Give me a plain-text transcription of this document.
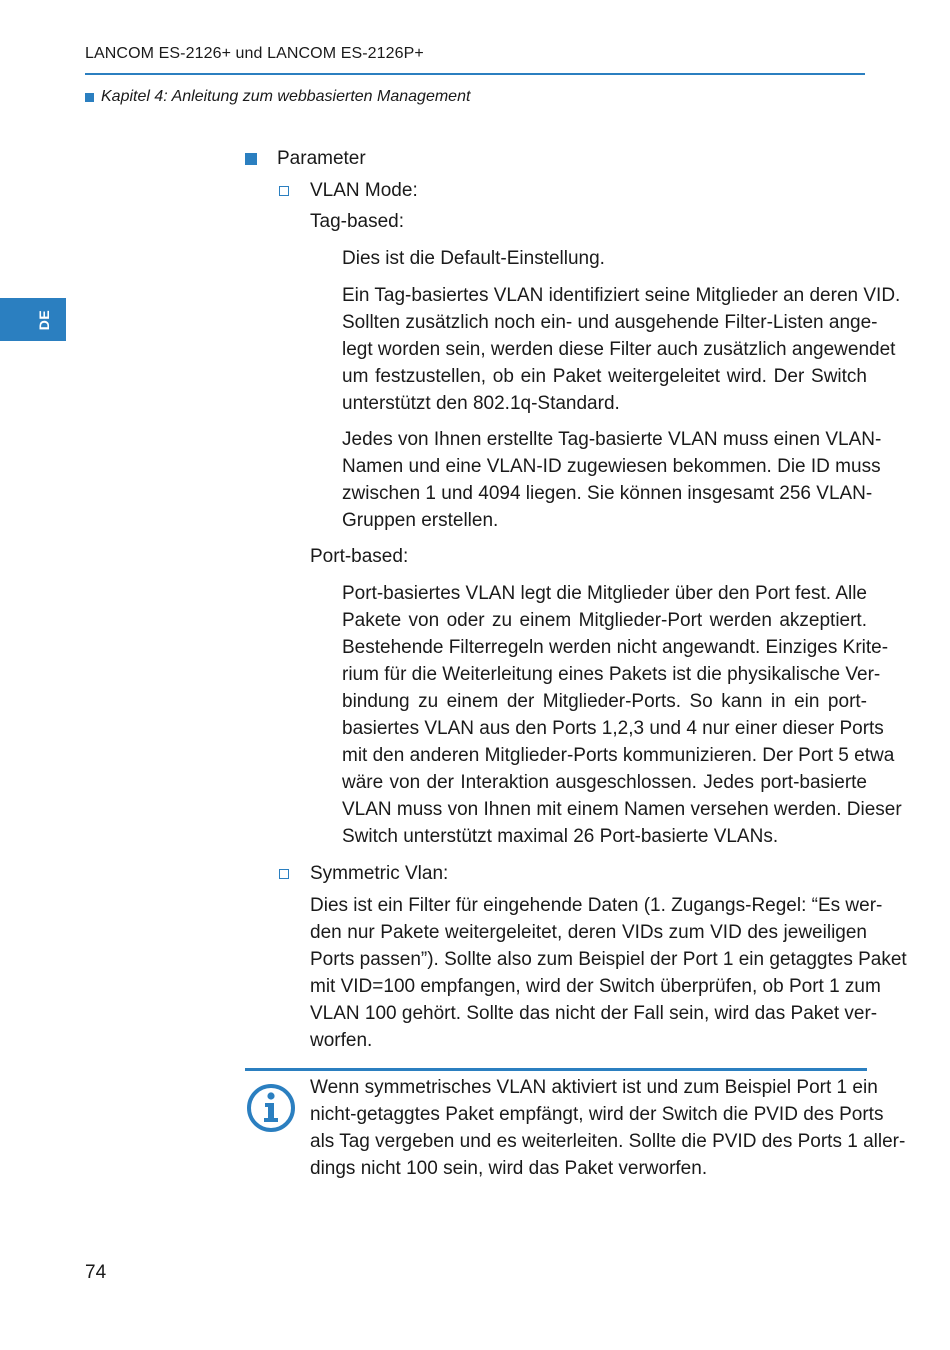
LANCOM ES-2126+ und LANCOM ES-2126P+
Kapitel 4: Anleitung zum webbasierten Management
DE
Parameter
VLAN Mode:
Tag-based:
Dies ist die Default-Einstellung.
Ein Tag-basiertes VLAN identifiziert seine Mitglieder an deren VID.
Sollten zusätzlich noch ein- und ausgehende Filter-Listen ange-
legt worden sein, werden diese Filter auch zusätzlich angewendet
um festzustellen, ob ein Paket weitergeleitet wird. Der Switch
unterstützt den 802.1q-Standard.
Jedes von Ihnen erstellte Tag-basierte VLAN muss einen VLAN-
Namen und eine VLAN-ID zugewiesen bekommen. Die ID muss
zwischen 1 und 4094 liegen. Sie können insgesamt 256 VLAN-
Gruppen erstellen.
Port-based:
Port-basiertes VLAN legt die Mitglieder über den Port fest. Alle
Pakete von oder zu einem Mitglieder-Port werden akzeptiert.
Bestehende Filterregeln werden nicht angewandt. Einziges Krite-
rium für die Weiterleitung eines Pakets ist die physikalische Ver-
bindung zu einem der Mitglieder-Ports. So kann in ein port-
basiertes VLAN aus den Ports 1,2,3 und 4 nur einer dieser Ports
mit den anderen Mitglieder-Ports kommunizieren. Der Port 5 etwa
wäre von der Interaktion ausgeschlossen. Jedes port-basierte
VLAN muss von Ihnen mit einem Namen versehen werden. Dieser
Switch unterstützt maximal 26 Port-basierte VLANs.
Symmetric Vlan:
Dies ist ein Filter für eingehende Daten (1. Zugangs-Regel: “Es wer-
den nur Pakete weitergeleitet, deren VIDs zum VID des jeweiligen
Ports passen”). Sollte also zum Beispiel der Port 1 ein getaggtes Paket
mit VID=100 empfangen, wird der Switch überprüfen, ob Port 1 zum
VLAN 100 gehört. Sollte das nicht der Fall sein, wird das Paket ver-
worfen.
Wenn symmetrisches VLAN aktiviert ist und zum Beispiel Port 1 ein
nicht-getaggtes Paket empfängt, wird der Switch die PVID des Ports
als Tag vergeben und es weiterleiten. Sollte die PVID des Ports 1 aller-
dings nicht 100 sein, wird das Paket verworfen.
74
